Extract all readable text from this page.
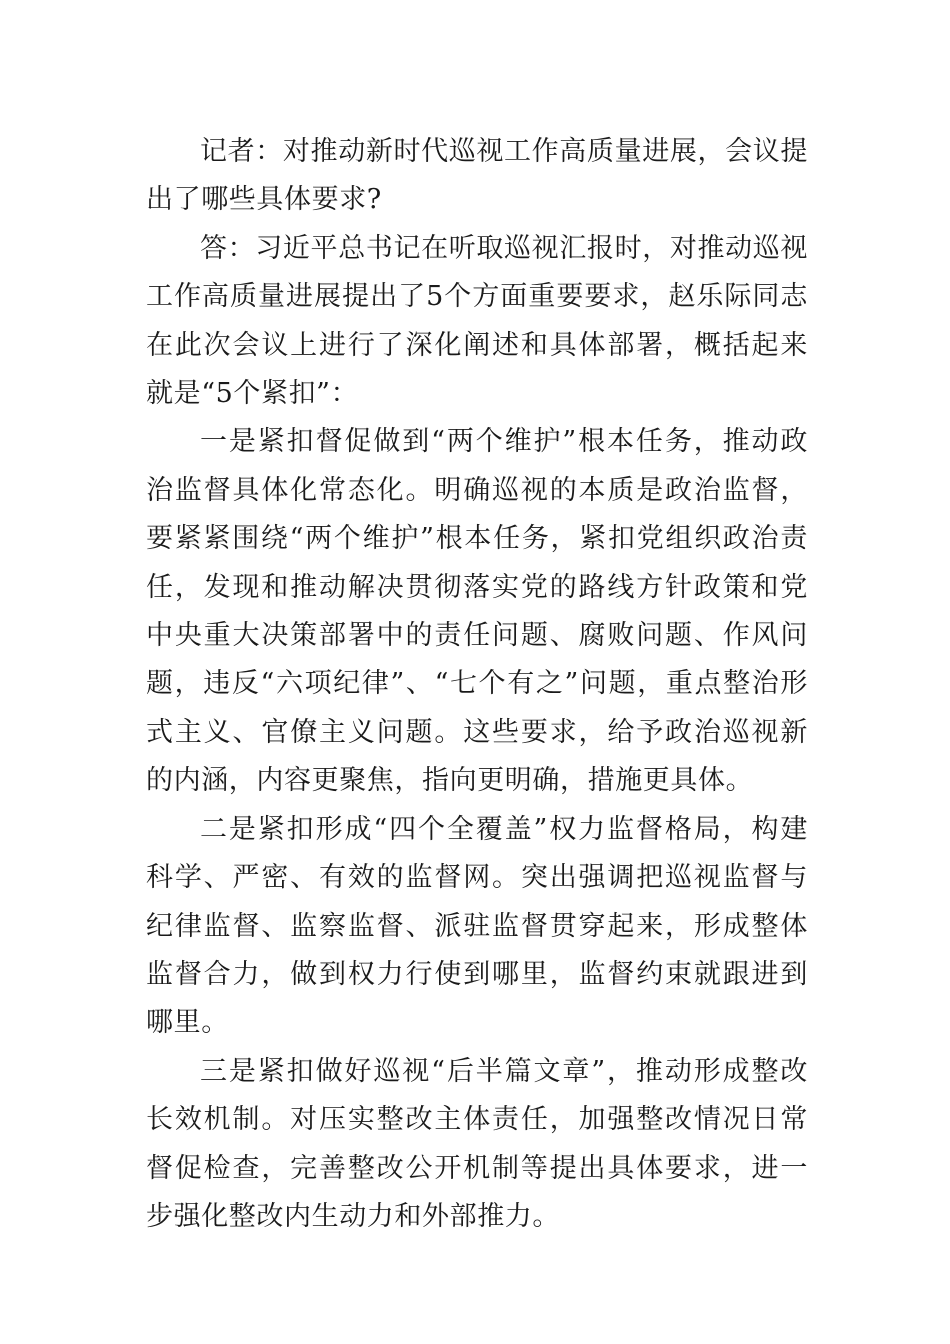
记者：对推动新时代巡视工作高质量进展，会议提出了哪些具体要求?

答：习近平总书记在听取巡视汇报时，对推动巡视工作高质量进展提出了5个方面重要要求，赵乐际同志在此次会议上进行了深化阐述和具体部署，概括起来就是“5个紧扣”：

一是紧扣督促做到“两个维护”根本任务，推动政治监督具体化常态化。明确巡视的本质是政治监督，要紧紧围绕“两个维护”根本任务，紧扣党组织政治责任，发现和推动解决贯彻落实党的路线方针政策和党中央重大决策部署中的责任问题、腐败问题、作风问题，违反“六项纪律”、“七个有之”问题，重点整治形式主义、官僚主义问题。这些要求，给予政治巡视新的内涵，内容更聚焦，指向更明确，措施更具体。

二是紧扣形成“四个全覆盖”权力监督格局，构建科学、严密、有效的监督网。突出强调把巡视监督与纪律监督、监察监督、派驻监督贯穿起来，形成整体监督合力，做到权力行使到哪里，监督约束就跟进到哪里。

三是紧扣做好巡视“后半篇文章”，推动形成整改长效机制。对压实整改主体责任，加强整改情况日常督促检查，完善整改公开机制等提出具体要求，进一步强化整改内生动力和外部推力。
